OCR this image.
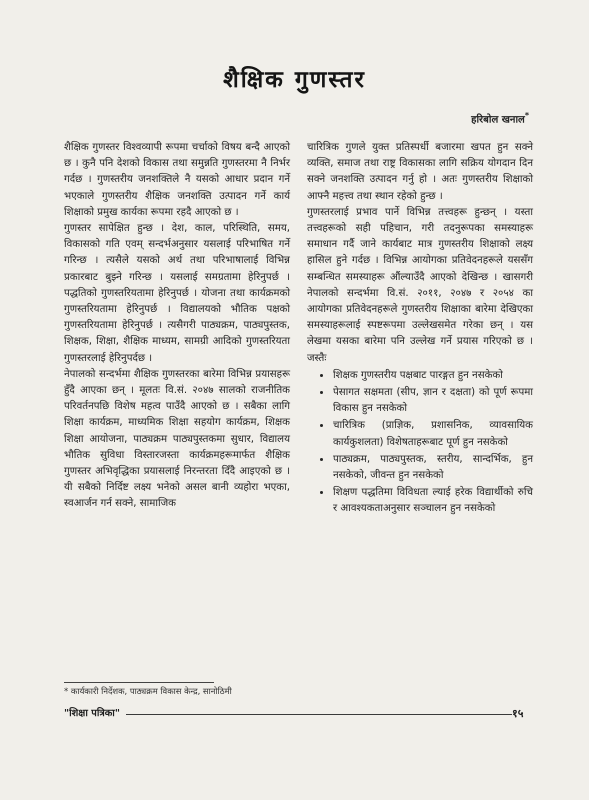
शैक्षिक गुणस्तर
हरिबोल खनाल*

शैक्षिक गुणस्तर विश्वव्यापी रूपमा चर्चाको विषय बन्दै आएको छ । कुनै पनि देशको विकास तथा समुन्नति गुणस्तरमा नै निर्भर गर्दछ । गुणस्तरीय जनशक्तिले नै यसको आधार प्रदान गर्ने भएकाले गुणस्तरीय शैक्षिक जनशक्ति उत्पादन गर्ने कार्य शिक्षाको प्रमुख कार्यका रूपमा रहदै आएको छ ।

गुणस्तर सापेक्षित हुन्छ । देश, काल, परिस्थिति, समय, विकासको गति एवम् सन्दर्भअनुसार यसलाई परिभाषित गर्ने गरिन्छ । त्यसैले यसको अर्थ तथा परिभाषालाई विभिन्न प्रकारबाट बुझ्ने गरिन्छ । यसलाई समग्रतामा हेरिनुपर्छ । पद्धतिको गुणस्तरियतामा हेरिनुपर्छ । योजना तथा कार्यक्रमको गुणस्तरियतामा हेरिनुपर्छ । विद्यालयको भौतिक पक्षको गुणस्तरियतामा हेरिनुपर्छ । त्यसैगरी पाठ्यक्रम, पाठ्यपुस्तक, शिक्षक, शिक्षा, शैक्षिक माध्यम, सामग्री आदिको गुणस्तरियता गुणस्तरलाई हेरिनुपर्दछ ।

नेपालको सन्दर्भमा शैक्षिक गुणस्तरका बारेमा विभिन्न प्रयासहरू हुँदै आएका छन् । मूलतः वि.सं. २०४७ सालको राजनीतिक परिवर्तनपछि विशेष महत्व पाउँदै आएको छ । सबैका लागि शिक्षा कार्यक्रम, माध्यमिक शिक्षा सहयोग कार्यक्रम, शिक्षक शिक्षा आयोजना, पाठ्यक्रम पाठ्यपुस्तकमा सुधार, विद्यालय भौतिक सुविधा विस्तारजस्ता कार्यक्रमहरूमार्फत शैक्षिक गुणस्तर अभिवृद्धिका प्रयासलाई निरन्तरता दिँदै आइएको छ । यी सबैको निर्दिष्ट लक्ष्य भनेको असल बानी व्यहोरा भएका, स्वआर्जन गर्न सक्ने, सामाजिक

चारित्रिक गुणले युक्त प्रतिस्पर्धी बजारमा खपत हुन सक्ने व्यक्ति, समाज तथा राष्ट्र विकासका लागि सक्रिय योगदान दिन सक्ने जनशक्ति उत्पादन गर्नु हो । अतः गुणस्तरीय शिक्षाको आफ्नै महत्त्व तथा स्थान रहेको हुन्छ ।

गुणस्तरलाई प्रभाव पार्ने विभिन्न तत्त्वहरू हुन्छन् । यस्ता तत्त्वहरूको सही पहिचान, गरी तदनुरूपका समस्याहरू समाधान गर्दै जाने कार्यबाट मात्र गुणस्तरीय शिक्षाको लक्ष्य हासिल हुने गर्दछ । विभिन्न आयोगका प्रतिवेदनहरूले यससँग सम्बन्धित समस्याहरू औंल्याउँदै आएको देखिन्छ । खासगरी नेपालको सन्दर्भमा वि.सं. २०११, २०४७ र २०५४ का आयोगका प्रतिवेदनहरूले गुणस्तरीय शिक्षाका बारेमा देखिएका समस्याहरूलाई स्पष्टरूपमा उल्लेखसमेत गरेका छन् । यस लेखमा यसका बारेमा पनि उल्लेख गर्ने प्रयास गरिएको छ । जस्तैः

• शिक्षक गुणस्तरीय पक्षबाट पारङ्गत हुन नसकेको
• पेसागत सक्षमता (सीप, ज्ञान र दक्षता) को पूर्ण रूपमा विकास हुन नसकेको
• चारित्रिक (प्राज्ञिक, प्रशासनिक, व्यावसायिक कार्यकुशलता) विशेषताहरूबाट पूर्ण हुन नसकेको
• पाठ्यक्रम, पाठ्यपुस्तक, स्तरीय, सान्दर्भिक, हुन नसकेको, जीवन्त हुन नसकेको
• शिक्षण पद्धतिमा विविधता ल्याई हरेक विद्यार्थीको रुचि र आवश्यकताअनुसार सञ्चालन हुन नसकेको
* कार्यकारी निर्देशक, पाठ्यक्रम विकास केन्द्र, सानोठिमी
"शिक्षा पत्रिका"	१५
